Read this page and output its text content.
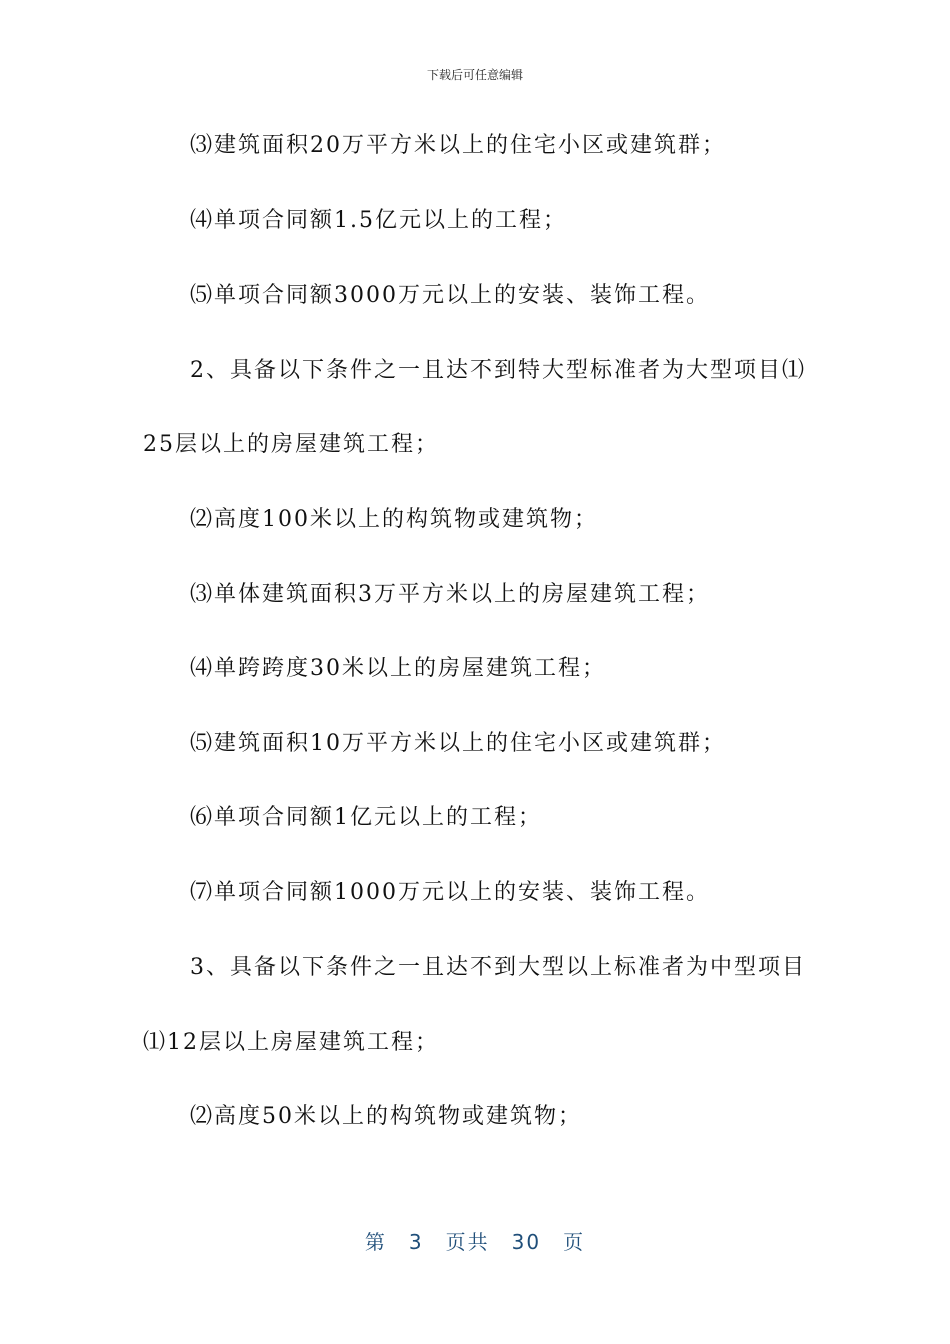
下载后可任意编辑
⑶建筑面积20万平方米以上的住宅小区或建筑群；
⑷单项合同额1.5亿元以上的工程；
⑸单项合同额3000万元以上的安装、装饰工程。
2、具备以下条件之一且达不到特大型标准者为大型项目⑴
25层以上的房屋建筑工程；
⑵高度100米以上的构筑物或建筑物；
⑶单体建筑面积3万平方米以上的房屋建筑工程；
⑷单跨跨度30米以上的房屋建筑工程；
⑸建筑面积10万平方米以上的住宅小区或建筑群；
⑹单项合同额1亿元以上的工程；
⑺单项合同额1000万元以上的安装、装饰工程。
3、具备以下条件之一且达不到大型以上标准者为中型项目
⑴12层以上房屋建筑工程；
⑵高度50米以上的构筑物或建筑物；
第 3 页共 30 页
